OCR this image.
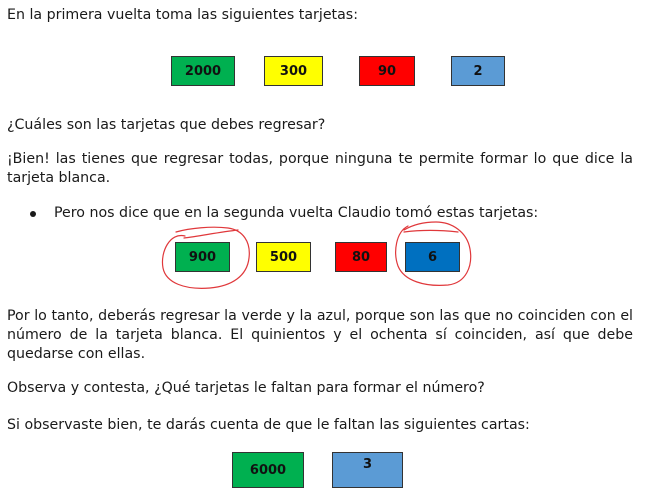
En la primera vuelta toma las siguientes tarjetas:

2000	300	90	2

¿Cuáles son las tarjetas que debes regresar?

¡Bien! las tienes que regresar todas, porque ninguna te permite formar lo que dice la tarjeta blanca.

Pero nos dice que en la segunda vuelta Claudio tomó estas tarjetas:

900	500	80	6

Por lo tanto, deberás regresar la verde y la azul, porque son las que no coinciden con el número de la tarjeta blanca. El quinientos y el ochenta sí coinciden, así que debe quedarse con ellas.

Observa y contesta, ¿Qué tarjetas le faltan para formar el número?

Si observaste bien, te darás cuenta de que le faltan las siguientes cartas:

6000	3
